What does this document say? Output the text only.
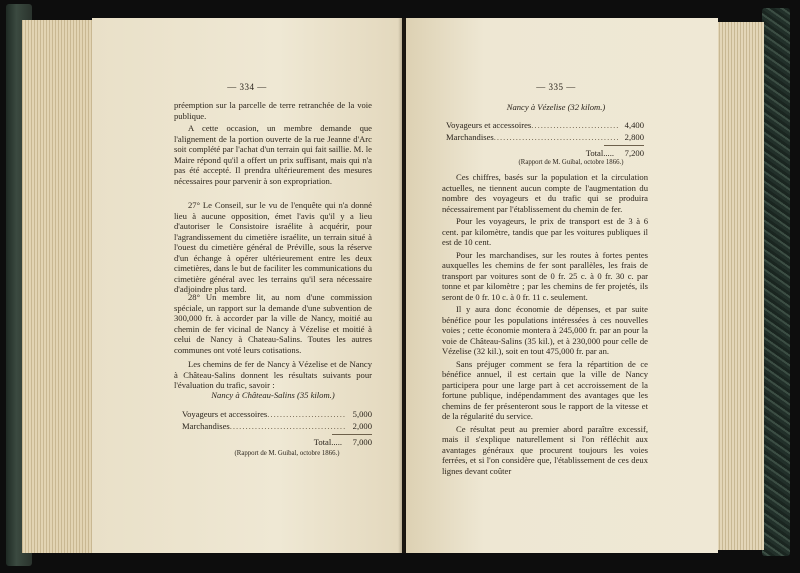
— 334 —

préemption sur la parcelle de terre retranchée de la voie publique.

A cette occasion, un membre demande que l'alignement de la portion ouverte de la rue Jeanne d'Arc soit complété par l'achat d'un terrain qui fait saillie. M. le Maire répond qu'il a offert un prix suffisant, mais qui n'a pas été accepté. Il prendra ultérieurement des mesures nécessaires pour parvenir à son expropriation.

27° Le Conseil, sur le vu de l'enquête qui n'a donné lieu à aucune opposition, émet l'avis qu'il y a lieu d'autoriser le Consistoire israélite à acquérir, pour l'agrandissement du cimetière israélite, un terrain situé à l'ouest du cimetière général de Préville, sous la réserve d'un échange à opérer ultérieurement entre les deux cimetières, dans le but de faciliter les communications du cimetière général avec les terrains qu'il sera nécessaire d'adjoindre plus tard.

28° Un membre lit, au nom d'une commission spéciale, un rapport sur la demande d'une subvention de 300,000 fr. à accorder par la ville de Nancy, moitié au chemin de fer vicinal de Nancy à Vézelise et moitié à celui de Nancy à Chateau-Salins. Toutes les autres communes ont voté leurs cotisations.

Les chemins de fer de Nancy à Vézelise et de Nancy à Château-Salins donnent les résultats suivants pour l'évaluation du trafic, savoir :

Nancy à Château-Salins (35 kilom.)
Voyageurs et accessoires .....	5,000
Marchandises .....	2,000
Total.....	7,000
(Rapport de M. Guibal, octobre 1866.)
— 335 —
Nancy à Vézelise (32 kilom.)
Voyageurs et accessoires .....	4,400
Marchandises .....	2,800
Total.....	7,200
(Rapport de M. Guibal, octobre 1866.)

Ces chiffres, basés sur la population et la circulation actuelles, ne tiennent aucun compte de l'augmentation du nombre des voyageurs et du trafic qui se produira nécessairement par l'établissement du chemin de fer.

Pour les voyageurs, le prix de transport est de 3 à 6 cent. par kilomètre, tandis que par les voitures publiques il est de 10 cent.

Pour les marchandises, sur les routes à fortes pentes auxquelles les chemins de fer sont parallèles, les frais de transport par voitures sont de 0 fr. 25 c. à 0 fr. 30 c. par tonne et par kilomètre ; par les chemins de fer projetés, ils seront de 0 fr. 10 c. à 0 fr. 11 c. seulement.

Il y aura donc économie de dépenses, et par suite bénéfice pour les populations intéressées à ces nouvelles voies ; cette économie montera à 245,000 fr. par an pour la voie de Château-Salins (35 kil.), et à 230,000 pour celle de Vézelise (32 kil.), soit en tout 475,000 fr. par an.

Sans préjuger comment se fera la répartition de ce bénéfice annuel, il est certain que la ville de Nancy participera pour une large part à cet accroissement de la fortune publique, indépendamment des avantages que les chemins de fer présenteront sous le rapport de la vitesse et de la régularité du service.

Ce résultat peut au premier abord paraître excessif, mais il s'explique naturellement si l'on réfléchit aux avantages généraux que procurent toujours les voies ferrées, et si l'on considère que, l'établissement de ces deux lignes devant coûter
